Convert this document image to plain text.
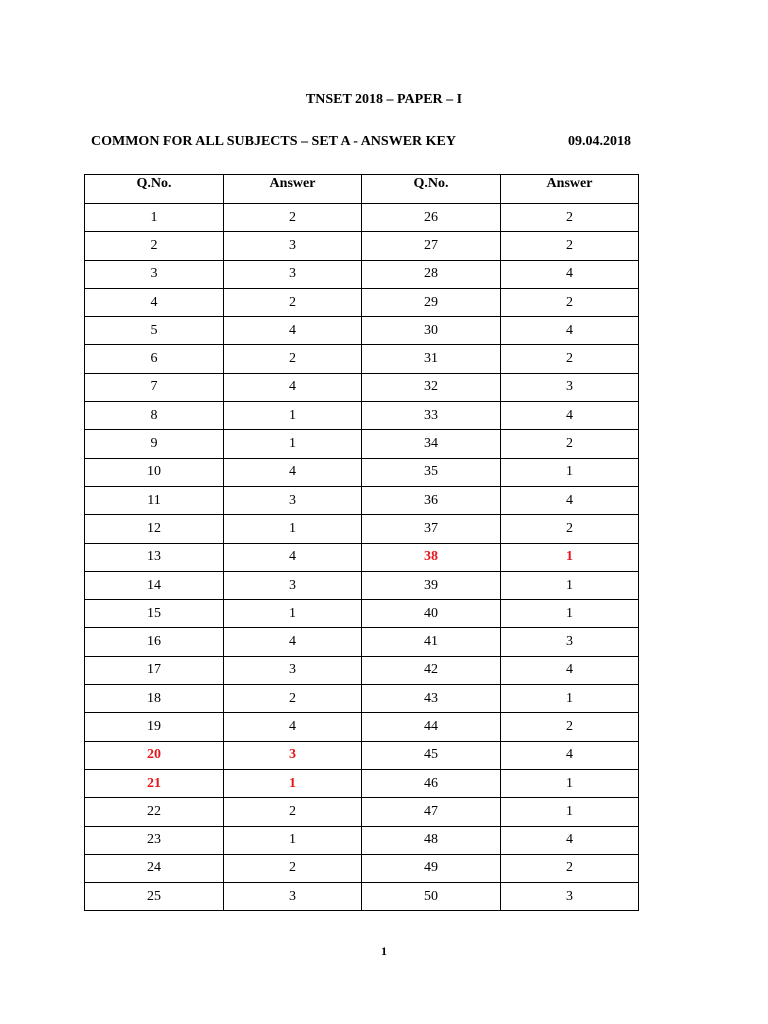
TNSET 2018 – PAPER – I
COMMON FOR ALL SUBJECTS – SET A - ANSWER KEY	09.04.2018
Q.No.	Answer	Q.No.	Answer
1	2	26	2
2	3	27	2
3	3	28	4
4	2	29	2
5	4	30	4
6	2	31	2
7	4	32	3
8	1	33	4
9	1	34	2
10	4	35	1
11	3	36	4
12	1	37	2
13	4	38	1
14	3	39	1
15	1	40	1
16	4	41	3
17	3	42	4
18	2	43	1
19	4	44	2
20	3	45	4
21	1	46	1
22	2	47	1
23	1	48	4
24	2	49	2
25	3	50	3
1
